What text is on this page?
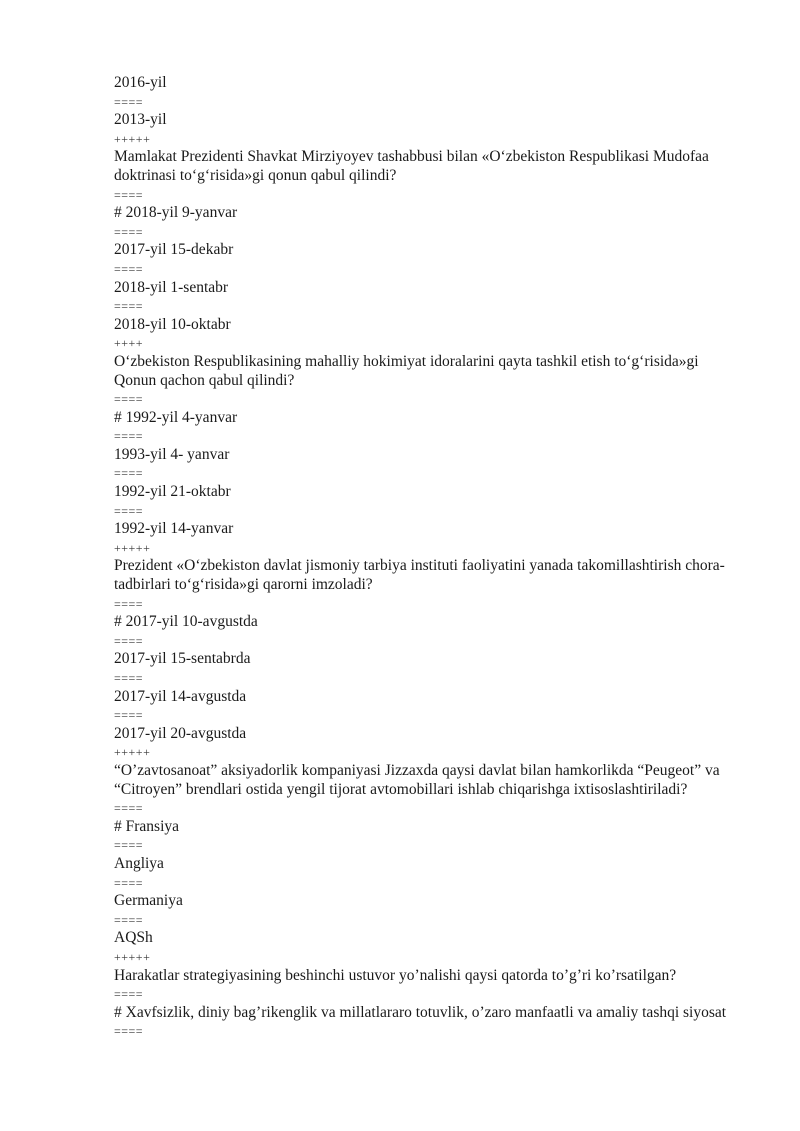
2016-yil
====
2013-yil
+++++
Mamlakat Prezidenti Shavkat Mirziyoyev tashabbusi bilan «O‘zbekiston Respublikasi Mudofaa doktrinasi to‘g‘risida»gi qonun qabul qilindi?
====
# 2018-yil 9-yanvar
====
2017-yil 15-dekabr
====
2018-yil 1-sentabr
====
2018-yil 10-oktabr
++++
O‘zbekiston Respublikasining mahalliy hokimiyat idoralarini qayta tashkil etish to‘g‘risida»gi Qonun qachon qabul qilindi?
====
# 1992-yil 4-yanvar
====
1993-yil 4- yanvar
====
1992-yil 21-oktabr
====
1992-yil 14-yanvar
+++++
Prezident «O‘zbekiston davlat jismoniy tarbiya instituti faoliyatini yanada takomillashtirish chora-tadbirlari to‘g‘risida»gi qarorni imzoladi?
====
# 2017-yil 10-avgustda
====
2017-yil 15-sentabrda
====
2017-yil 14-avgustda
====
2017-yil 20-avgustda
+++++
“O’zavtosanoat” aksiyadorlik kompaniyasi Jizzaxda qaysi davlat bilan hamkorlikda “Peugeot” va “Citroyen” brendlari ostida yengil tijorat avtomobillari ishlab chiqarishga ixtisoslashtiriladi?
====
# Fransiya
====
Angliya
====
Germaniya
====
AQSh
+++++
Harakatlar strategiyasining beshinchi ustuvor yo’nalishi qaysi qatorda to’g’ri ko’rsatilgan?
====
# Xavfsizlik, diniy bag’rikenglik va millatlararo totuvlik, o’zaro manfaatli va amaliy tashqi siyosat
====
